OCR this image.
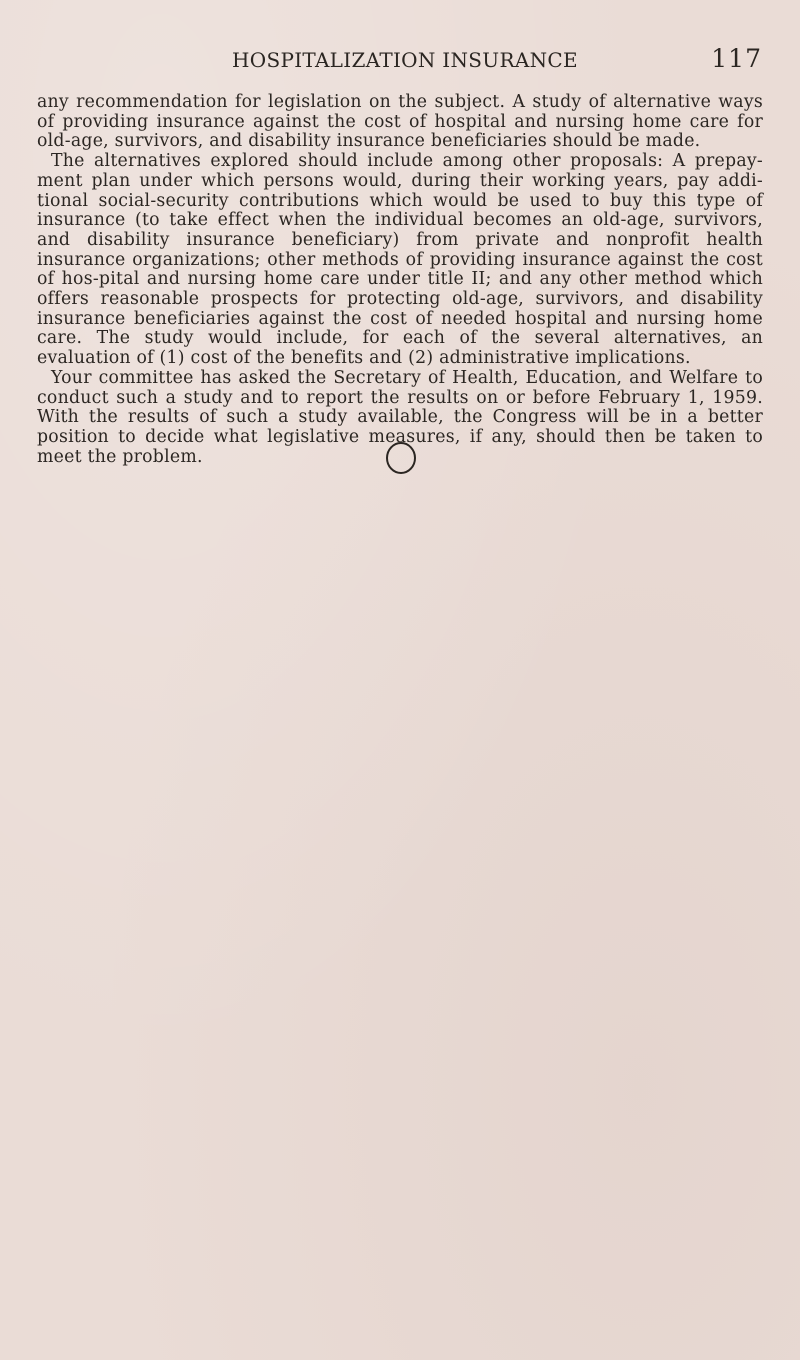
HOSPITALIZATION INSURANCE	117

any recommendation for legislation on the subject. A study of alternative ways of providing insurance against the cost of hospital and nursing home care for old-age, survivors, and disability insurance beneficiaries should be made.

The alternatives explored should include among other proposals: A prepay-ment plan under which persons would, during their working years, pay addi-tional social-security contributions which would be used to buy this type of insurance (to take effect when the individual becomes an old-age, survivors, and disability insurance beneficiary) from private and nonprofit health insurance organizations; other methods of providing insurance against the cost of hos-pital and nursing home care under title II; and any other method which offers reasonable prospects for protecting old-age, survivors, and disability insurance beneficiaries against the cost of needed hospital and nursing home care. The study would include, for each of the several alternatives, an evaluation of (1) cost of the benefits and (2) administrative implications.

Your committee has asked the Secretary of Health, Education, and Welfare to conduct such a study and to report the results on or before February 1, 1959. With the results of such a study available, the Congress will be in a better position to decide what legislative measures, if any, should then be taken to meet the problem.
